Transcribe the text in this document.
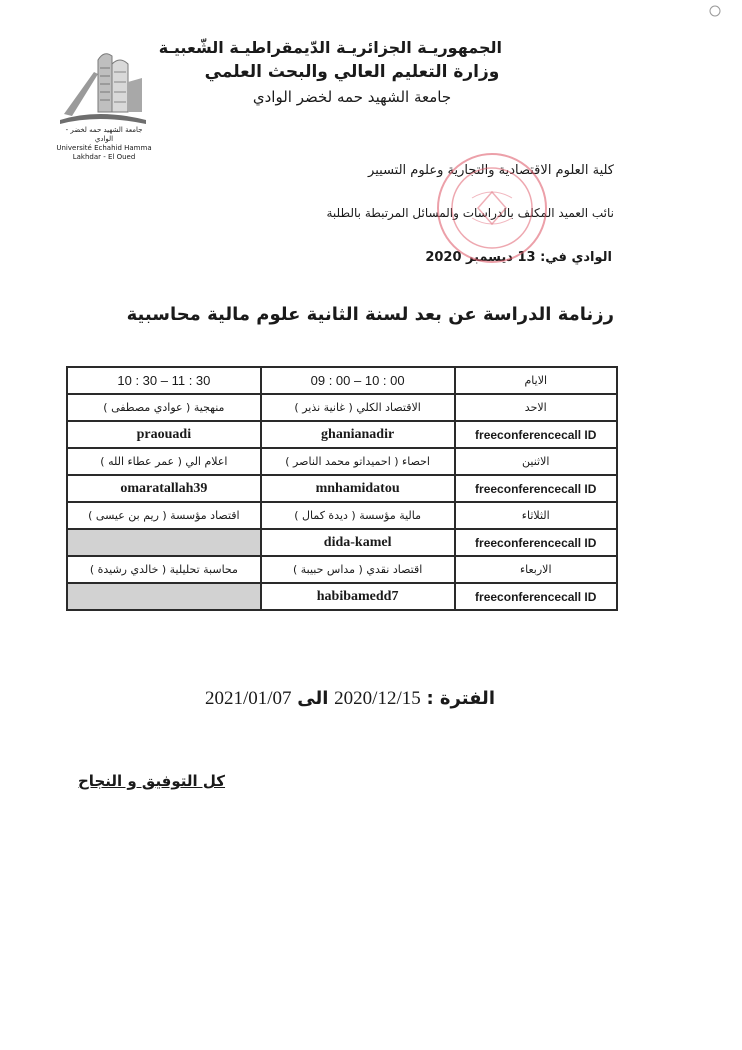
الجمهوريـة الجزائريـة الدّيمقراطيـة الشّعبيـة
وزارة التعليم العالي والبحث العلمي
جامعة الشهيد حمه لخضر الوادي
جامعة الشهيد حمه لخضر - الوادي
Université Echahid Hamma Lakhdar - El Oued
كلية العلوم الاقتصادية والتجارية وعلوم التسيير
نائب العميد المكلف بالدراسات والمسائل المرتبطة بالطلبة
الوادي في: 13 ديسمبر 2020
رزنامة الدراسة عن بعد لسنة الثانية علوم مالية محاسبية
الايام	09 : 00 – 10 : 00	10 : 30 – 11 : 30
الاحد	الاقتصاد الكلي ( غانية نذير )	منهجية ( عوادي مصطفى )
freeconferencecall ID	ghanianadir	praouadi
الاثنين	احصاء ( احميداتو محمد الناصر )	اعلام الي ( عمر عطاء الله )
freeconferencecall ID	mnhamidatou	omaratallah39
الثلاثاء	مالية مؤسسة ( ديدة كمال )	اقتصاد مؤسسة ( ريم بن عيسى )
freeconferencecall ID	dida-kamel	
الاربعاء	اقتصاد نقدي ( مداس حبيبة )	محاسبة تحليلية ( خالدي رشيدة )
freeconferencecall ID	habibamedd7	
الفترة : 2020/12/15 الى 2021/01/07
كل التوفيق و النجاح
